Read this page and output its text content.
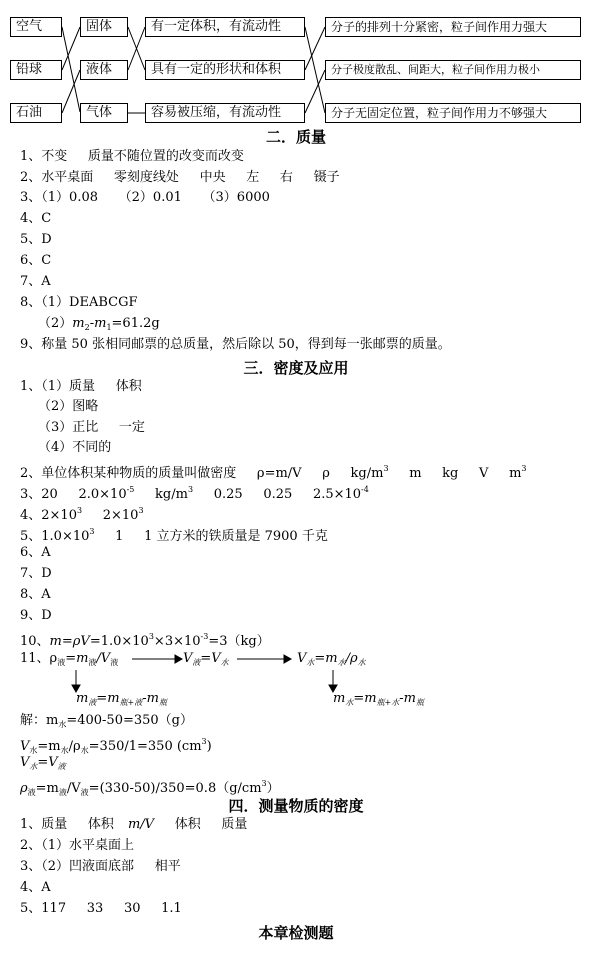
空气
铅球
石油
固体
液体
气体
有一定体积，有流动性
具有一定的形状和体积
容易被压缩，有流动性
分子的排列十分紧密，粒子间作用力强大
分子极度散乱、间距大，粒子间作用力极小
分子无固定位置，粒子间作用力不够强大
二．质量
1、不变     质量不随位置的改变而改变
2、水平桌面     零刻度线处     中央     左     右     镊子
3、（1）0.08     （2）0.01     （3）6000
4、C
5、D
6、C
7、A
8、（1）DEABCGF
$(2)m_2-m_1=61.2g$
9、称量 50 张相同邮票的总质量，然后除以 50，得到每一张邮票的质量。
三．密度及应用
1、（1）质量     体积
（2）图略
（3）正比     一定
（4）不同的
2、单位体积某种物质的质量叫做密度     ρ=m/V     ρ     $kg/m^3$     m     kg     V     $m^3$
3、20     $2.0\times 10^{-5}$     $kg/m^3$     0.25     0.25     $2.5\times 10^{-4}$
4、$2\times 10^3$     $2\times 10^3$
5、$1.0\times 10^3$     1     1 立方米的铁质量是 7900 千克
6、A
7、D
8、A
9、D
10、$m=\rho V=1.0\times 10^3\times 3\times 10^{-3}=3(kg)$
11、$\rho_液=m_液/V_液$	$V_液=V_水$	$V_水=m_水/\rho_水$
$m_液=m_{瓶+液}-m_瓶$	$m_水=m_{瓶+水}-m_瓶$
解：$m_水=400-50=350(g)$
$V_水=m_水/\rho_水=350/1=350$ $(cm^3)$
$V_水=V_液$
$\rho_液=m_液/V_液=(330-50)/350=0.8(g/cm^3)$
四．测量物质的密度
1、质量     体积 m/V     体积     质量
2、（1）水平桌面上
3、（2）凹液面底部     相平
4、A
5、117     33     30     1.1
本章检测题
